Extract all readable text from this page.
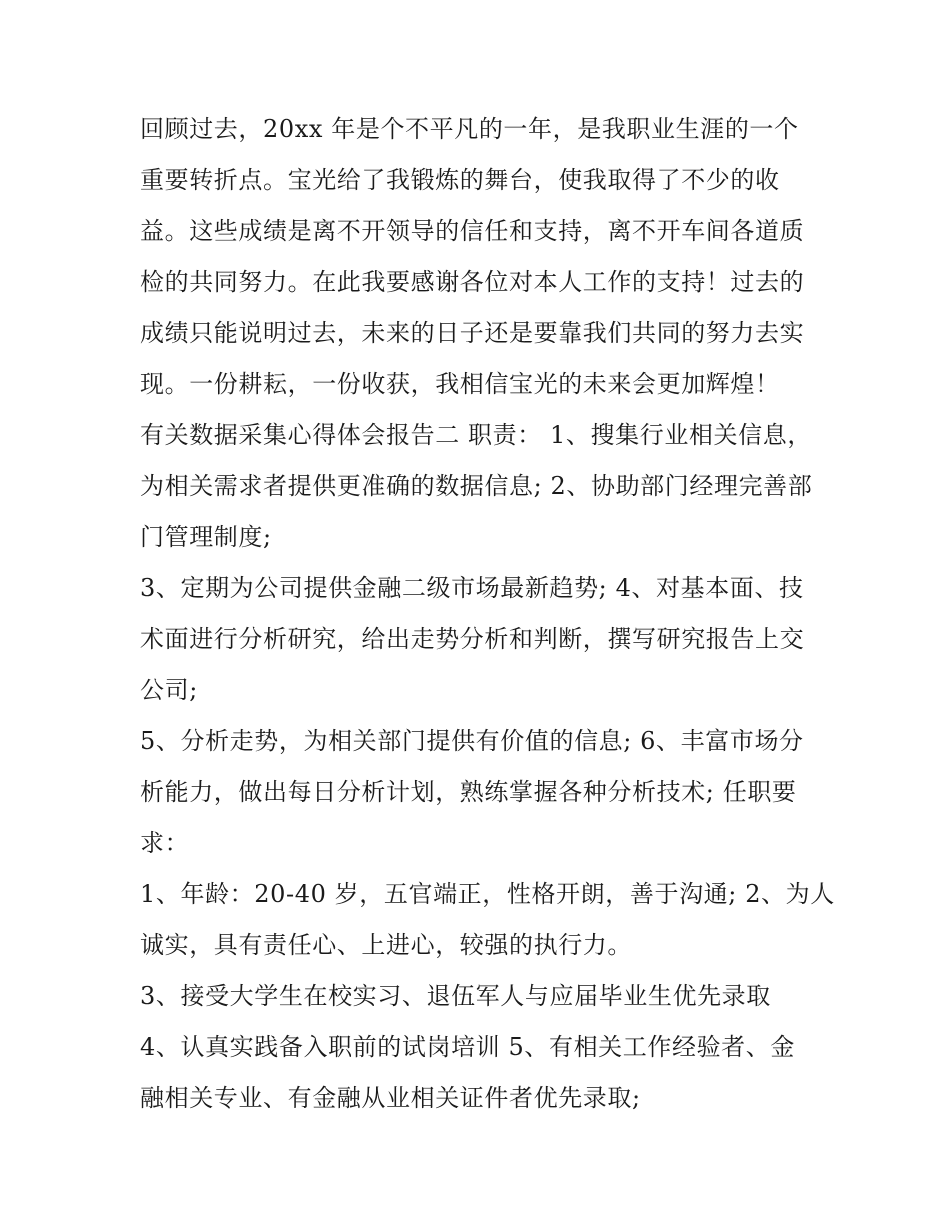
回顾过去，20xx 年是个不平凡的一年，是我职业生涯的一个
重要转折点。宝光给了我锻炼的舞台，使我取得了不少的收
益。这些成绩是离不开领导的信任和支持，离不开车间各道质
检的共同努力。在此我要感谢各位对本人工作的支持！过去的
成绩只能说明过去，未来的日子还是要靠我们共同的努力去实
现。一份耕耘，一份收获，我相信宝光的未来会更加辉煌！
有关数据采集心得体会报告二 职责： 1、搜集行业相关信息，
为相关需求者提供更准确的数据信息; 2、协助部门经理完善部
门管理制度;
3、定期为公司提供金融二级市场最新趋势; 4、对基本面、技
术面进行分析研究，给出走势分析和判断，撰写研究报告上交
公司;
5、分析走势，为相关部门提供有价值的信息; 6、丰富市场分
析能力，做出每日分析计划，熟练掌握各种分析技术; 任职要
求：
1、年龄：20-40 岁，五官端正，性格开朗，善于沟通; 2、为人
诚实，具有责任心、上进心，较强的执行力。
3、接受大学生在校实习、退伍军人与应届毕业生优先录取
4、认真实践备入职前的试岗培训 5、有相关工作经验者、金
融相关专业、有金融从业相关证件者优先录取;
